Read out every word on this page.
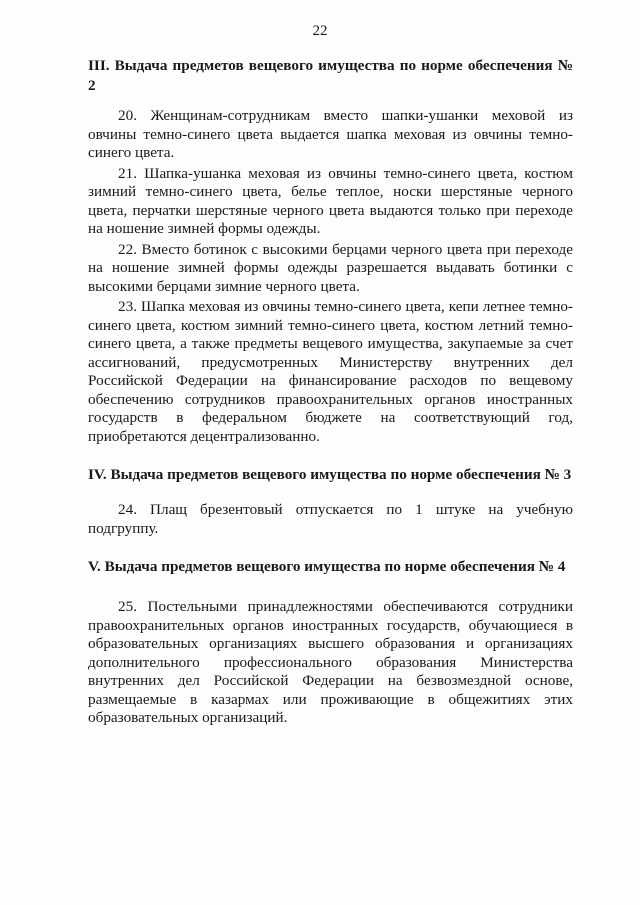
22

III. Выдача предметов вещевого имущества по норме обеспечения № 2

20. Женщинам-сотрудникам вместо шапки-ушанки меховой из овчины темно-синего цвета выдается шапка меховая из овчины темно-синего цвета.

21. Шапка-ушанка меховая из овчины темно-синего цвета, костюм зимний темно-синего цвета, белье теплое, носки шерстяные черного цвета, перчатки шерстяные черного цвета выдаются только при переходе на ношение зимней формы одежды.

22. Вместо ботинок с высокими берцами черного цвета при переходе на ношение зимней формы одежды разрешается выдавать ботинки с высокими берцами зимние черного цвета.

23. Шапка меховая из овчины темно-синего цвета, кепи летнее темно-синего цвета, костюм зимний темно-синего цвета, костюм летний темно-синего цвета, а также предметы вещевого имущества, закупаемые за счет ассигнований, предусмотренных Министерству внутренних дел Российской Федерации на финансирование расходов по вещевому обеспечению сотрудников правоохранительных органов иностранных государств в федеральном бюджете на соответствующий год, приобретаются децентрализованно.

IV. Выдача предметов вещевого имущества по норме обеспечения № 3

24. Плащ брезентовый отпускается по 1 штуке на учебную подгруппу.

V. Выдача предметов вещевого имущества по норме обеспечения № 4

25. Постельными принадлежностями обеспечиваются сотрудники правоохранительных органов иностранных государств, обучающиеся в образовательных организациях высшего образования и организациях дополнительного профессионального образования Министерства внутренних дел Российской Федерации на безвозмездной основе, размещаемые в казармах или проживающие в общежитиях этих образовательных организаций.
